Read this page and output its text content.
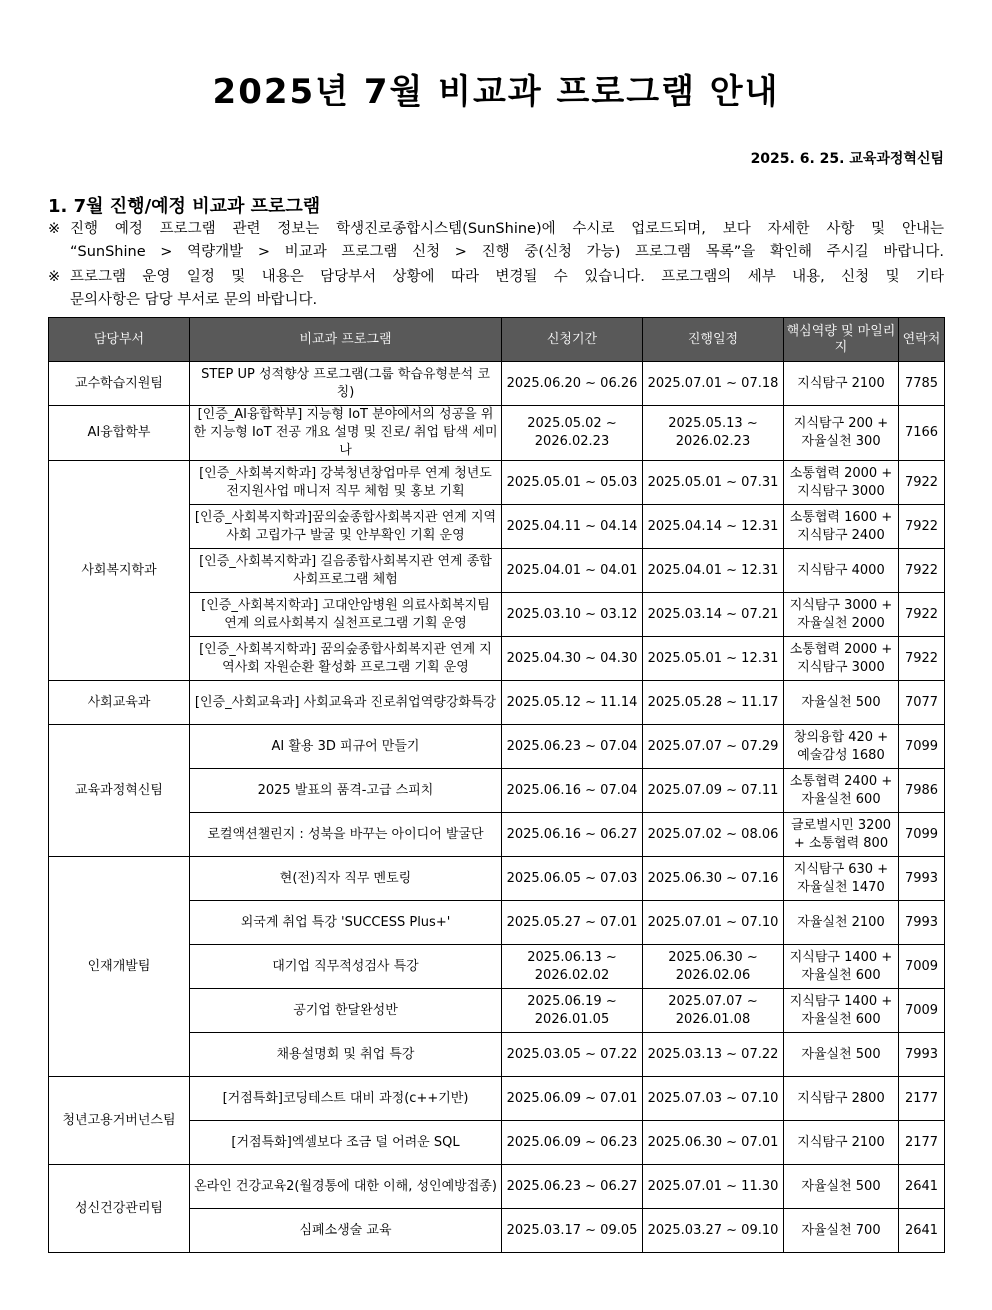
2025년 7월 비교과 프로그램 안내
2025. 6. 25. 교육과정혁신팀
1. 7월 진행/예정 비교과 프로그램
※ 진행 예정 프로그램 관련 정보는 학생진로종합시스템(SunShine)에 수시로 업로드되며, 보다 자세한 사항 및 안내는
“SunShine > 역량개발 > 비교과 프로그램 신청 > 진행 중(신청 가능) 프로그램 목록”을 확인해 주시길 바랍니다.
※ 프로그램 운영 일정 및 내용은 담당부서 상황에 따라 변경될 수 있습니다. 프로그램의 세부 내용, 신청 및 기타
문의사항은 담당 부서로 문의 바랍니다.
담당부서	비교과 프로그램	신청기간	진행일정	핵심역량 및 마일리지	연락처
교수학습지원팀	STEP UP 성적향상 프로그램(그룹 학습유형분석 코칭)	2025.06.20 ~ 06.26	2025.07.01 ~ 07.18	지식탐구 2100	7785
AI융합학부	[인증_AI융합학부] 지능형 IoT 분야에서의 성공을 위한 지능형 IoT 전공 개요 설명 및 진로/ 취업 탐색 세미나	2025.05.02 ~ 2026.02.23	2025.05.13 ~ 2026.02.23	지식탐구 200 + 자율실천 300	7166
사회복지학과	[인증_사회복지학과] 강북청년창업마루 연계 청년도전지원사업 매니저 직무 체험 및 홍보 기획	2025.05.01 ~ 05.03	2025.05.01 ~ 07.31	소통협력 2000 + 지식탐구 3000	7922
	[인증_사회복지학과]꿈의숲종합사회복지관 연계 지역사회 고립가구 발굴 및 안부확인 기획 운영	2025.04.11 ~ 04.14	2025.04.14 ~ 12.31	소통협력 1600 + 지식탐구 2400	7922
	[인증_사회복지학과] 길음종합사회복지관 연계 종합사회프로그램 체험	2025.04.01 ~ 04.01	2025.04.01 ~ 12.31	지식탐구 4000	7922
	[인증_사회복지학과] 고대안암병원 의료사회복지팀 연계 의료사회복지 실천프로그램 기획 운영	2025.03.10 ~ 03.12	2025.03.14 ~ 07.21	지식탐구 3000 + 자율실천 2000	7922
	[인증_사회복지학과] 꿈의숲종합사회복지관 연계 지역사회 자원순환 활성화 프로그램 기획 운영	2025.04.30 ~ 04.30	2025.05.01 ~ 12.31	소통협력 2000 + 지식탐구 3000	7922
사회교육과	[인증_사회교육과] 사회교육과 진로취업역량강화특강	2025.05.12 ~ 11.14	2025.05.28 ~ 11.17	자율실천 500	7077
교육과정혁신팀	AI 활용 3D 피규어 만들기	2025.06.23 ~ 07.04	2025.07.07 ~ 07.29	창의융합 420 + 예술감성 1680	7099
	2025 발표의 품격-고급 스피치	2025.06.16 ~ 07.04	2025.07.09 ~ 07.11	소통협력 2400 + 자율실천 600	7986
	로컬액션챌린지 : 성북을 바꾸는 아이디어 발굴단	2025.06.16 ~ 06.27	2025.07.02 ~ 08.06	글로벌시민 3200 + 소통협력 800	7099
인재개발팀	현(전)직자 직무 멘토링	2025.06.05 ~ 07.03	2025.06.30 ~ 07.16	지식탐구 630 + 자율실천 1470	7993
	외국계 취업 특강 'SUCCESS Plus+'	2025.05.27 ~ 07.01	2025.07.01 ~ 07.10	자율실천 2100	7993
	대기업 직무적성검사 특강	2025.06.13 ~ 2026.02.02	2025.06.30 ~ 2026.02.06	지식탐구 1400 + 자율실천 600	7009
	공기업 한달완성반	2025.06.19 ~ 2026.01.05	2025.07.07 ~ 2026.01.08	지식탐구 1400 + 자율실천 600	7009
	채용설명회 및 취업 특강	2025.03.05 ~ 07.22	2025.03.13 ~ 07.22	자율실천 500	7993
청년고용거버넌스팀	[거점특화]코딩테스트 대비 과정(c++기반)	2025.06.09 ~ 07.01	2025.07.03 ~ 07.10	지식탐구 2800	2177
	[거점특화]엑셀보다 조금 덜 어려운 SQL	2025.06.09 ~ 06.23	2025.06.30 ~ 07.01	지식탐구 2100	2177
성신건강관리팀	온라인 건강교육2(월경통에 대한 이해, 성인예방접종)	2025.06.23 ~ 06.27	2025.07.01 ~ 11.30	자율실천 500	2641
	심폐소생술 교육	2025.03.17 ~ 09.05	2025.03.27 ~ 09.10	자율실천 700	2641
